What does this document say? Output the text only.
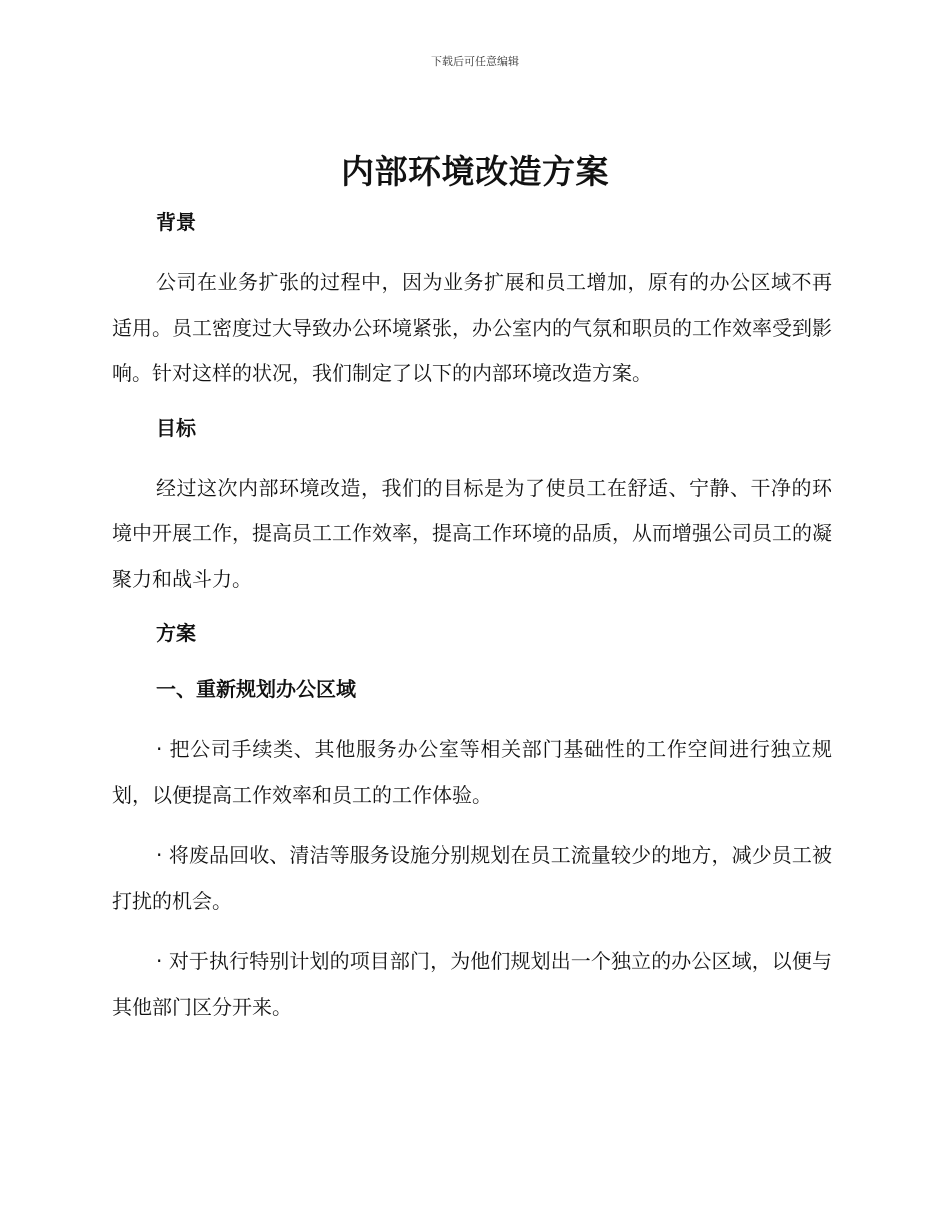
下载后可任意编辑
内部环境改造方案
背景

公司在业务扩张的过程中，因为业务扩展和员工增加，原有的办公区域不再适用。员工密度过大导致办公环境紧张，办公室内的气氛和职员的工作效率受到影响。针对这样的状况，我们制定了以下的内部环境改造方案。

目标

经过这次内部环境改造，我们的目标是为了使员工在舒适、宁静、干净的环境中开展工作，提高员工工作效率，提高工作环境的品质，从而增强公司员工的凝聚力和战斗力。

方案
一、重新规划办公区域

· 把公司手续类、其他服务办公室等相关部门基础性的工作空间进行独立规划，以便提高工作效率和员工的工作体验。

· 将废品回收、清洁等服务设施分别规划在员工流量较少的地方，减少员工被打扰的机会。

· 对于执行特别计划的项目部门，为他们规划出一个独立的办公区域，以便与其他部门区分开来。
